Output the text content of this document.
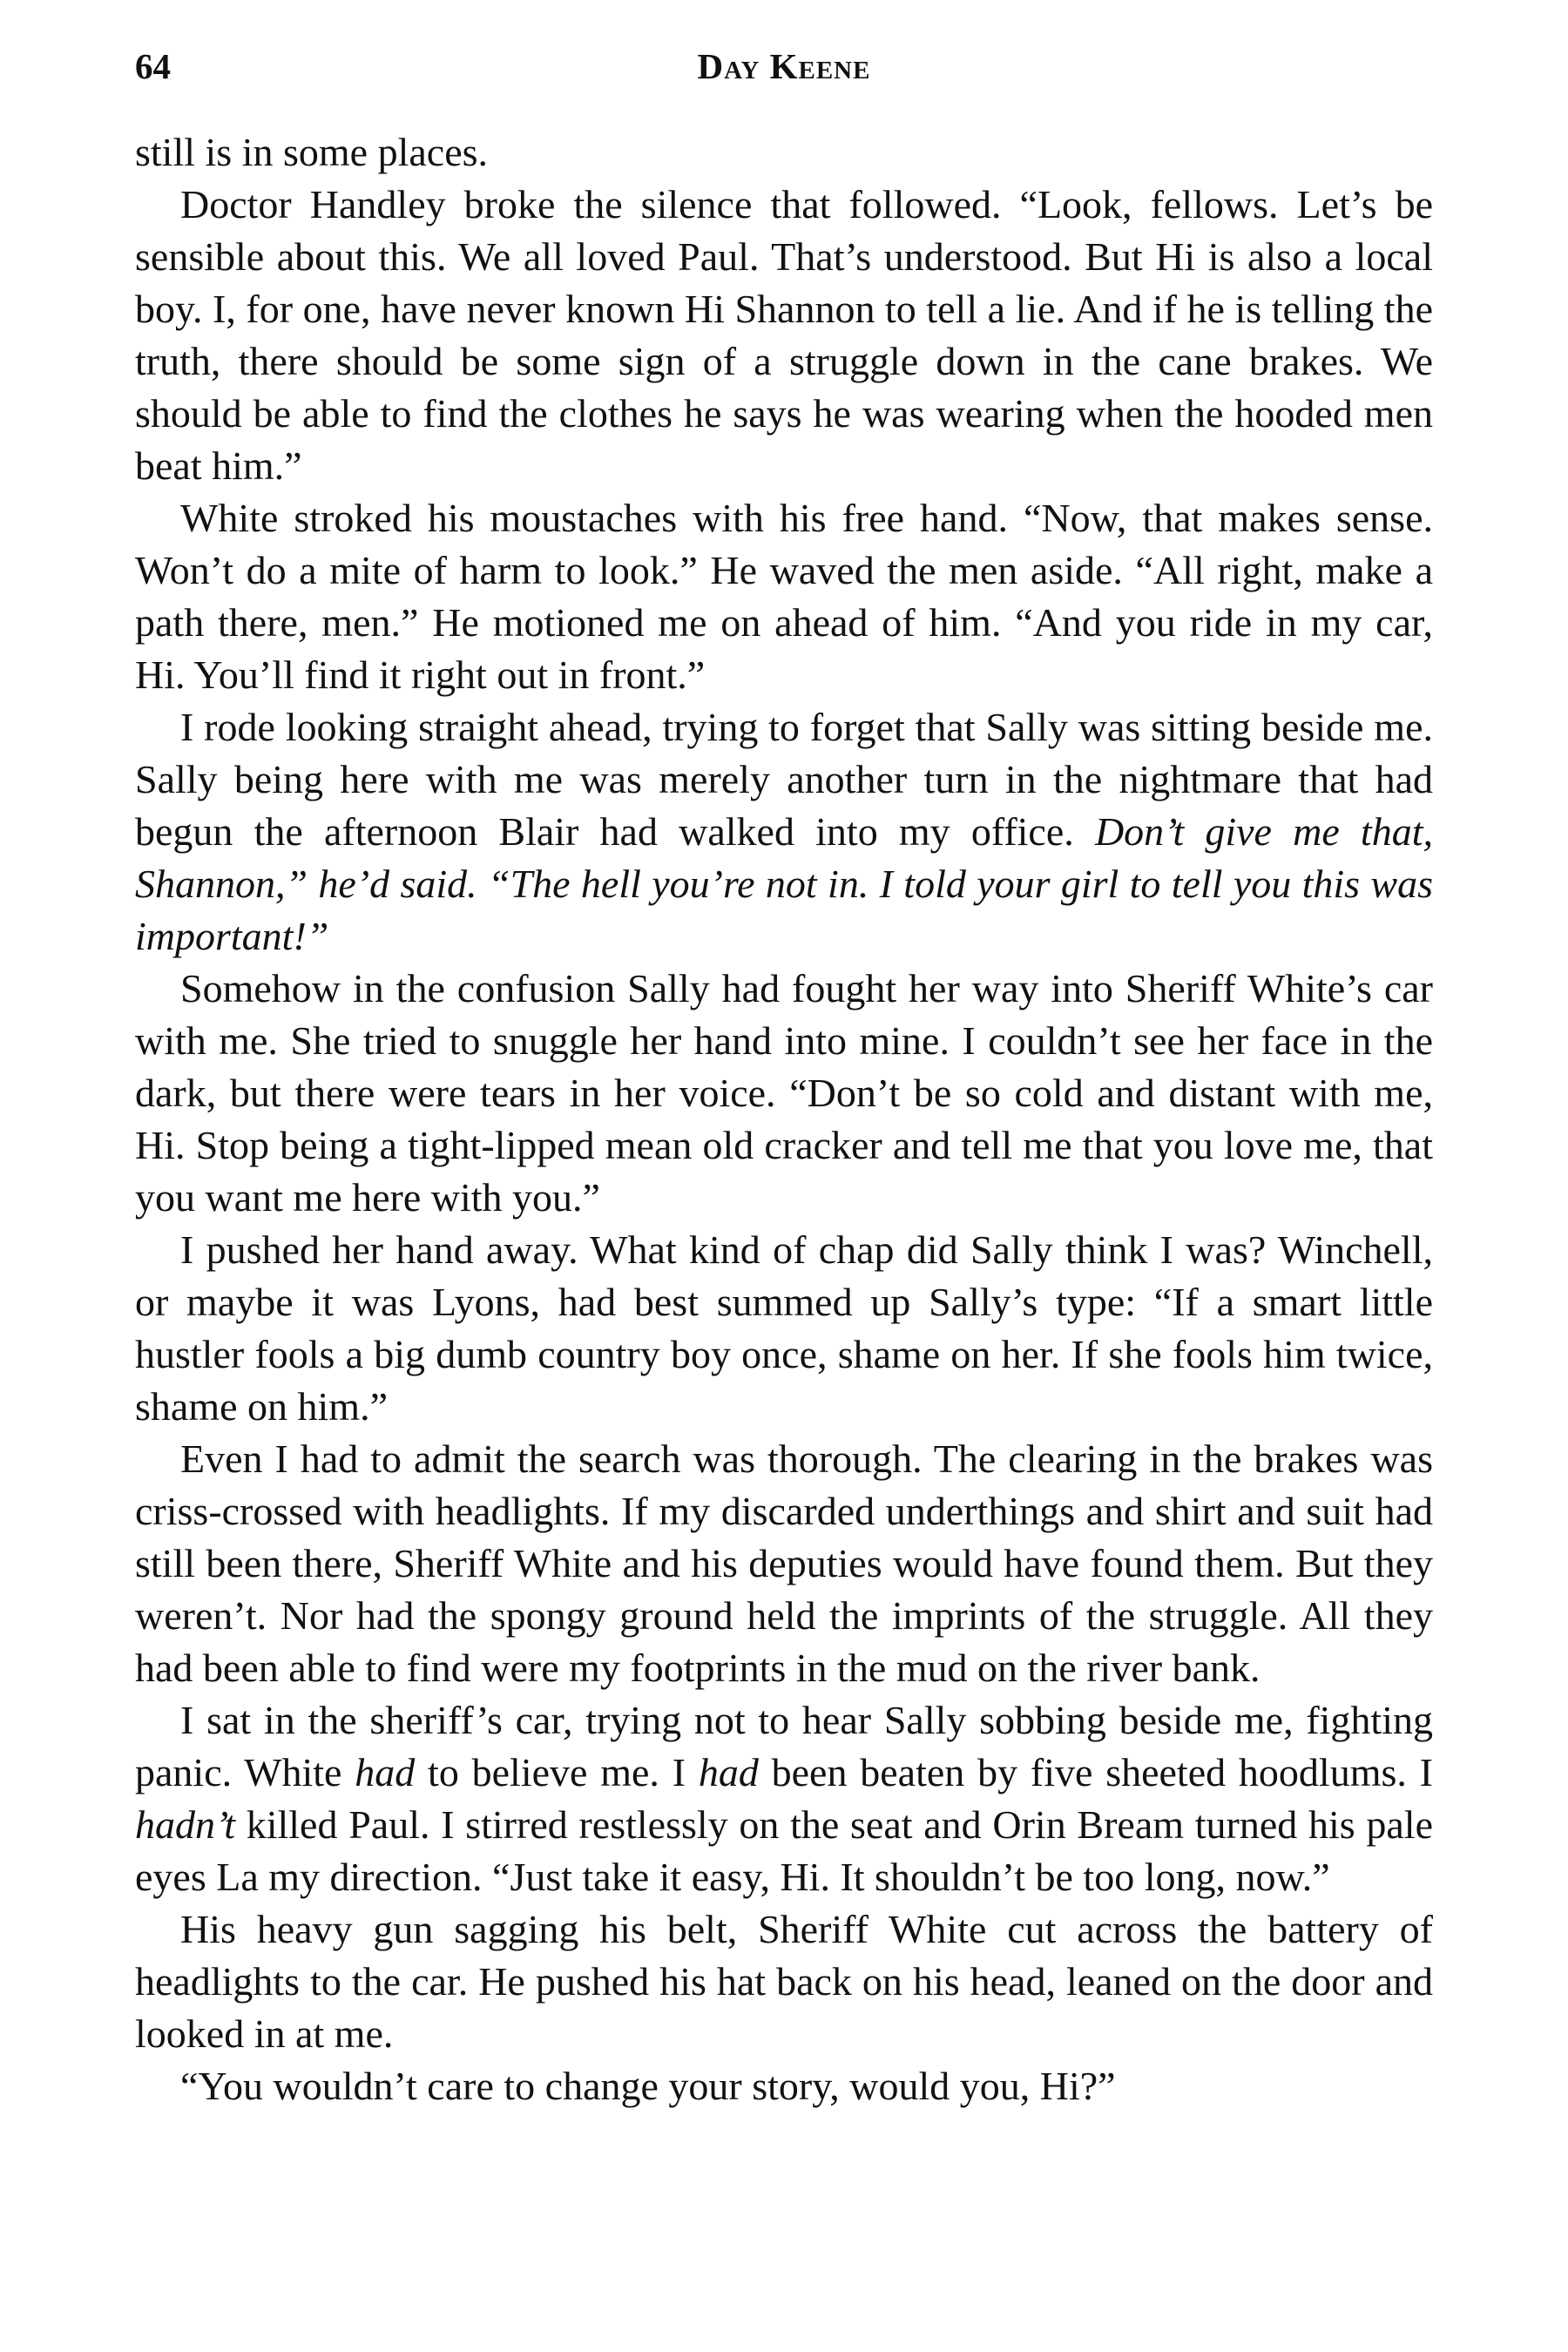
64	Day Keene

still is in some places.

Doctor Handley broke the silence that followed. “Look, fellows. Let’s be sensible about this. We all loved Paul. That’s understood. But Hi is also a local boy. I, for one, have never known Hi Shannon to tell a lie. And if he is telling the truth, there should be some sign of a struggle down in the cane brakes. We should be able to find the clothes he says he was wearing when the hooded men beat him.”

White stroked his moustaches with his free hand. “Now, that makes sense. Won’t do a mite of harm to look.” He waved the men aside. “All right, make a path there, men.” He motioned me on ahead of him. “And you ride in my car, Hi. You’ll find it right out in front.”

I rode looking straight ahead, trying to forget that Sally was sitting beside me. Sally being here with me was merely another turn in the nightmare that had begun the afternoon Blair had walked into my office. Don’t give me that, Shannon,” he’d said. “The hell you’re not in. I told your girl to tell you this was important!”

Somehow in the confusion Sally had fought her way into Sheriff White’s car with me. She tried to snuggle her hand into mine. I couldn’t see her face in the dark, but there were tears in her voice. “Don’t be so cold and distant with me, Hi. Stop being a tight-lipped mean old cracker and tell me that you love me, that you want me here with you.”

I pushed her hand away. What kind of chap did Sally think I was? Winchell, or maybe it was Lyons, had best summed up Sally’s type: “If a smart little hustler fools a big dumb country boy once, shame on her. If she fools him twice, shame on him.”

Even I had to admit the search was thorough. The clearing in the brakes was criss-crossed with headlights. If my discarded underthings and shirt and suit had still been there, Sheriff White and his deputies would have found them. But they weren’t. Nor had the spongy ground held the imprints of the struggle. All they had been able to find were my footprints in the mud on the river bank.

I sat in the sheriff’s car, trying not to hear Sally sobbing beside me, fighting panic. White had to believe me. I had been beaten by five sheeted hoodlums. I hadn’t killed Paul. I stirred restlessly on the seat and Orin Bream turned his pale eyes La my direction. “Just take it easy, Hi. It shouldn’t be too long, now.”

His heavy gun sagging his belt, Sheriff White cut across the battery of headlights to the car. He pushed his hat back on his head, leaned on the door and looked in at me.

“You wouldn’t care to change your story, would you, Hi?”
